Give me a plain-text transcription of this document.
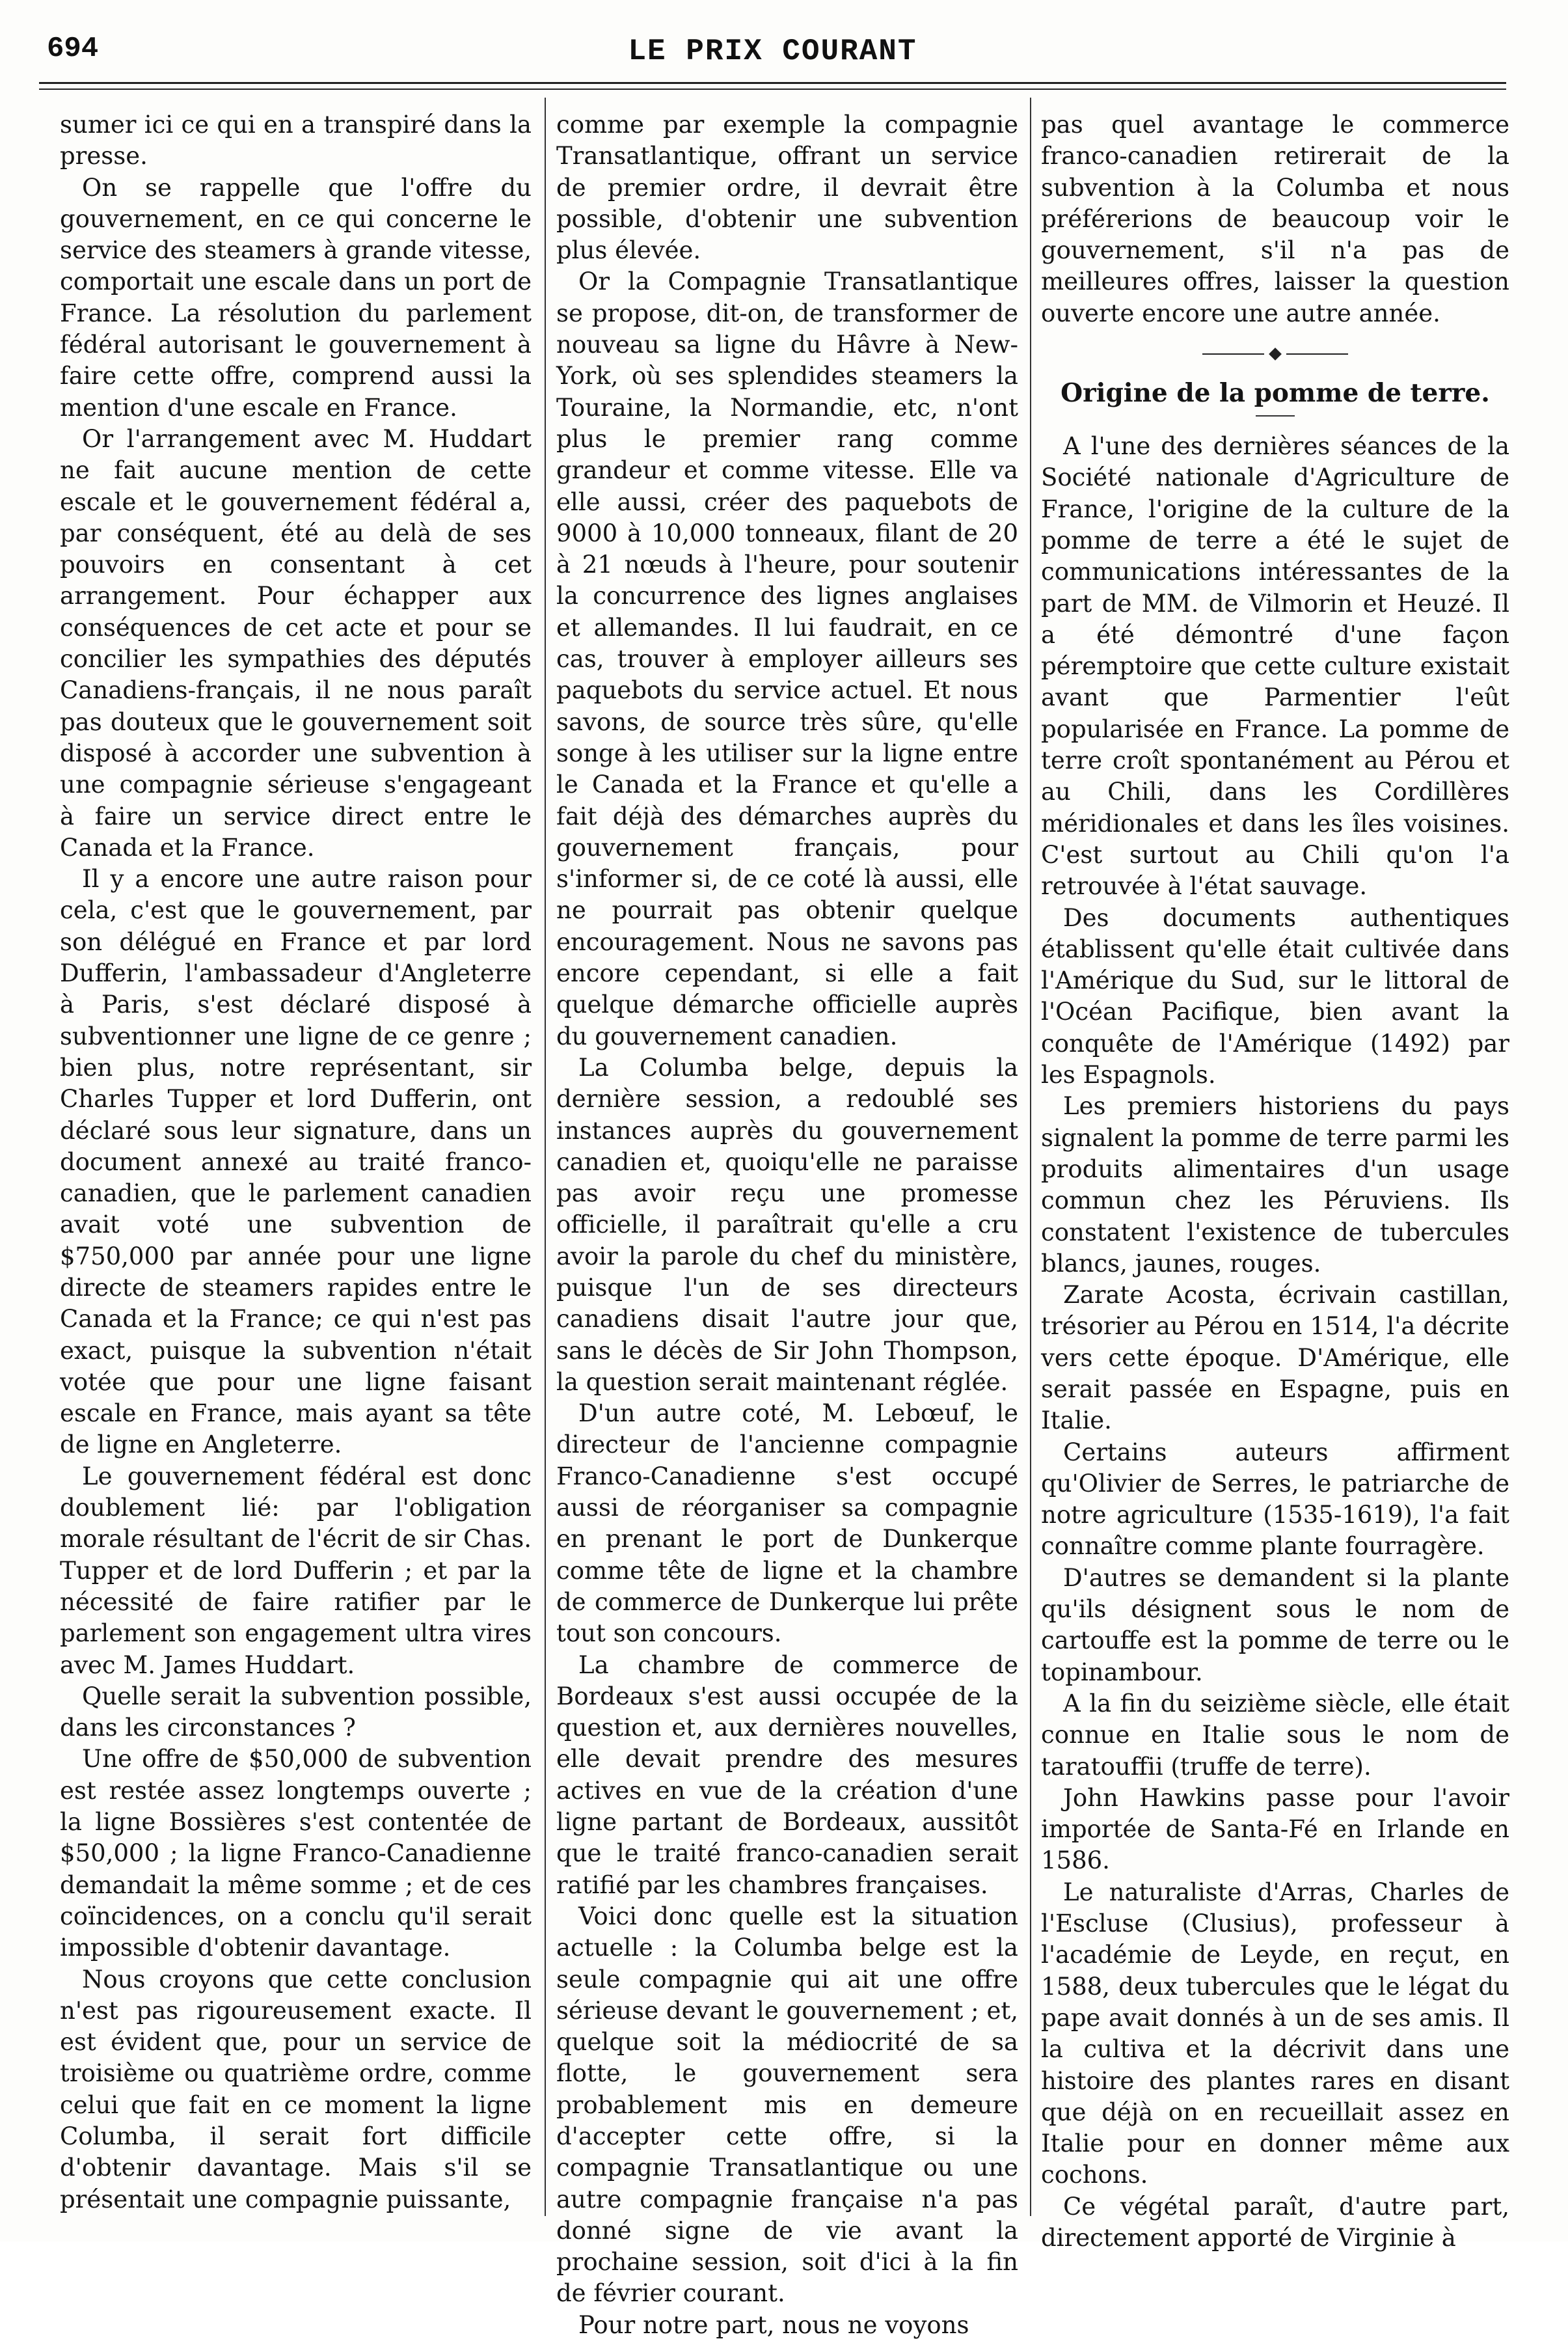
694	LE PRIX COURANT

sumer ici ce qui en a transpiré dans la presse.

On se rappelle que l'offre du gouvernement, en ce qui concerne le service des steamers à grande vitesse, comportait une escale dans un port de France. La résolution du parlement fédéral autorisant le gouvernement à faire cette offre, comprend aussi la mention d'une escale en France.

Or l'arrangement avec M. Huddart ne fait aucune mention de cette escale et le gouvernement fédéral a, par conséquent, été au delà de ses pouvoirs en consentant à cet arrangement. Pour échapper aux conséquences de cet acte et pour se concilier les sympathies des députés Canadiens-français, il ne nous paraît pas douteux que le gouvernement soit disposé à accorder une subvention à une compagnie sérieuse s'engageant à faire un service direct entre le Canada et la France.

Il y a encore une autre raison pour cela, c'est que le gouvernement, par son délégué en France et par lord Dufferin, l'ambassadeur d'Angleterre à Paris, s'est déclaré disposé à subventionner une ligne de ce genre ; bien plus, notre représentant, sir Charles Tupper et lord Dufferin, ont déclaré sous leur signature, dans un document annexé au traité franco-canadien, que le parlement canadien avait voté une subvention de $750,000 par année pour une ligne directe de steamers rapides entre le Canada et la France; ce qui n'est pas exact, puisque la subvention n'était votée que pour une ligne faisant escale en France, mais ayant sa tête de ligne en Angleterre.

Le gouvernement fédéral est donc doublement lié: par l'obligation morale résultant de l'écrit de sir Chas. Tupper et de lord Dufferin ; et par la nécessité de faire ratifier par le parlement son engagement ultra vires avec M. James Huddart.

Quelle serait la subvention possible, dans les circonstances ?

Une offre de $50,000 de subvention est restée assez longtemps ouverte ; la ligne Bossières s'est contentée de $50,000 ; la ligne Franco-Canadienne demandait la même somme ; et de ces coïncidences, on a conclu qu'il serait impossible d'obtenir davantage.

Nous croyons que cette conclusion n'est pas rigoureusement exacte. Il est évident que, pour un service de troisième ou quatrième ordre, comme celui que fait en ce moment la ligne Columba, il serait fort difficile d'obtenir davantage. Mais s'il se présentait une compagnie puissante,

comme par exemple la compagnie Transatlantique, offrant un service de premier ordre, il devrait être possible, d'obtenir une subvention plus élevée.

Or la Compagnie Transatlantique se propose, dit-on, de transformer de nouveau sa ligne du Hâvre à New-York, où ses splendides steamers la Touraine, la Normandie, etc, n'ont plus le premier rang comme grandeur et comme vitesse. Elle va elle aussi, créer des paquebots de 9000 à 10,000 tonneaux, filant de 20 à 21 nœuds à l'heure, pour soutenir la concurrence des lignes anglaises et allemandes. Il lui faudrait, en ce cas, trouver à employer ailleurs ses paquebots du service actuel. Et nous savons, de source très sûre, qu'elle songe à les utiliser sur la ligne entre le Canada et la France et qu'elle a fait déjà des démarches auprès du gouvernement français, pour s'informer si, de ce coté là aussi, elle ne pourrait pas obtenir quelque encouragement. Nous ne savons pas encore cependant, si elle a fait quelque démarche officielle auprès du gouvernement canadien.

La Columba belge, depuis la dernière session, a redoublé ses instances auprès du gouvernement canadien et, quoiqu'elle ne paraisse pas avoir reçu une promesse officielle, il paraîtrait qu'elle a cru avoir la parole du chef du ministère, puisque l'un de ses directeurs canadiens disait l'autre jour que, sans le décès de Sir John Thompson, la question serait maintenant réglée.

D'un autre coté, M. Lebœuf, le directeur de l'ancienne compagnie Franco-Canadienne s'est occupé aussi de réorganiser sa compagnie en prenant le port de Dunkerque comme tête de ligne et la chambre de commerce de Dunkerque lui prête tout son concours.

La chambre de commerce de Bordeaux s'est aussi occupée de la question et, aux dernières nouvelles, elle devait prendre des mesures actives en vue de la création d'une ligne partant de Bordeaux, aussitôt que le traité franco-canadien serait ratifié par les chambres françaises.

Voici donc quelle est la situation actuelle : la Columba belge est la seule compagnie qui ait une offre sérieuse devant le gouvernement ; et, quelque soit la médiocrité de sa flotte, le gouvernement sera probablement mis en demeure d'accepter cette offre, si la compagnie Transatlantique ou une autre compagnie française n'a pas donné signe de vie avant la prochaine session, soit d'ici à la fin de février courant.

Pour notre part, nous ne voyons

pas quel avantage le commerce franco-canadien retirerait de la subvention à la Columba et nous préférerions de beaucoup voir le gouvernement, s'il n'a pas de meilleures offres, laisser la question ouverte encore une autre année.

Origine de la pomme de terre.

A l'une des dernières séances de la Société nationale d'Agriculture de France, l'origine de la culture de la pomme de terre a été le sujet de communications intéressantes de la part de MM. de Vilmorin et Heuzé. Il a été démontré d'une façon péremptoire que cette culture existait avant que Parmentier l'eût popularisée en France. La pomme de terre croît spontanément au Pérou et au Chili, dans les Cordillères méridionales et dans les îles voisines. C'est surtout au Chili qu'on l'a retrouvée à l'état sauvage.

Des documents authentiques établissent qu'elle était cultivée dans l'Amérique du Sud, sur le littoral de l'Océan Pacifique, bien avant la conquête de l'Amérique (1492) par les Espagnols.

Les premiers historiens du pays signalent la pomme de terre parmi les produits alimentaires d'un usage commun chez les Péruviens. Ils constatent l'existence de tubercules blancs, jaunes, rouges.

Zarate Acosta, écrivain castillan, trésorier au Pérou en 1514, l'a décrite vers cette époque. D'Amérique, elle serait passée en Espagne, puis en Italie.

Certains auteurs affirment qu'Olivier de Serres, le patriarche de notre agriculture (1535-1619), l'a fait connaître comme plante fourragère.

D'autres se demandent si la plante qu'ils désignent sous le nom de cartouffe est la pomme de terre ou le topinambour.

A la fin du seizième siècle, elle était connue en Italie sous le nom de taratouffii (truffe de terre).

John Hawkins passe pour l'avoir importée de Santa-Fé en Irlande en 1586.

Le naturaliste d'Arras, Charles de l'Escluse (Clusius), professeur à l'académie de Leyde, en reçut, en 1588, deux tubercules que le légat du pape avait donnés à un de ses amis. Il la cultiva et la décrivit dans une histoire des plantes rares en disant que déjà on en recueillait assez en Italie pour en donner même aux cochons.

Ce végétal paraît, d'autre part, directement apporté de Virginie à
